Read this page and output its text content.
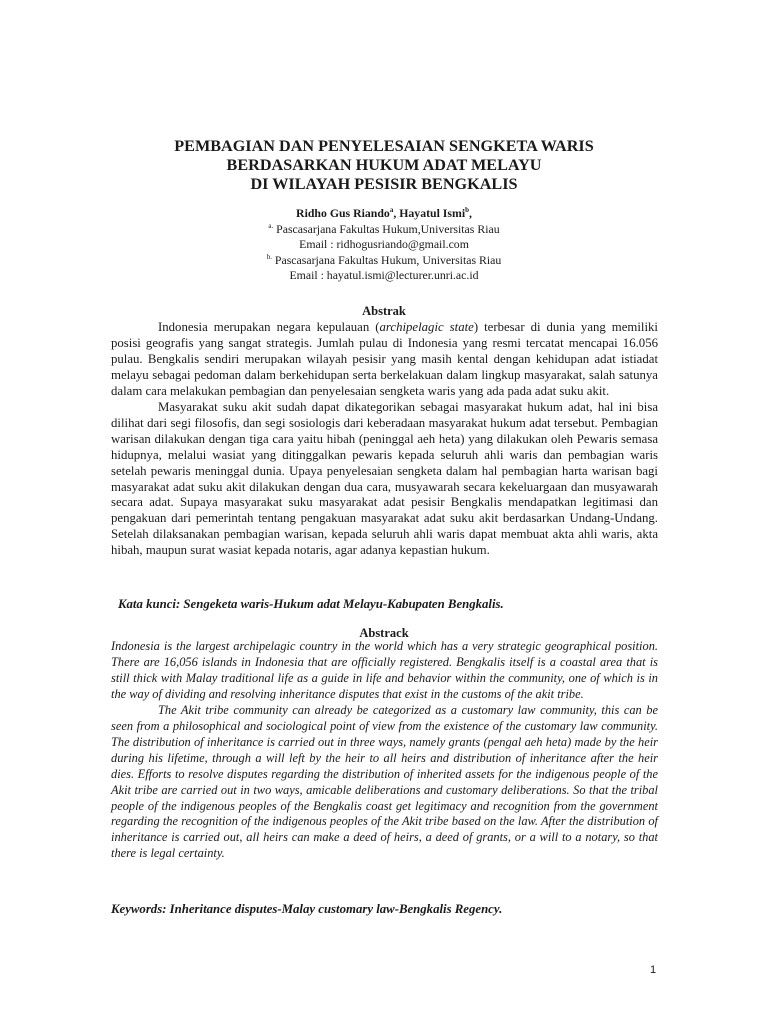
PEMBAGIAN DAN PENYELESAIAN SENGKETA WARIS
BERDASARKAN HUKUM ADAT MELAYU
DI WILAYAH PESISIR BENGKALIS
Ridho Gus Riando$^a$, Hayatul Ismi$^b$,
$^{a.}$ Pascasarjana Fakultas Hukum,Universitas Riau
Email : ridhogusriando@gmail.com
$^{b.}$ Pascasarjana Fakultas Hukum, Universitas Riau
Email : hayatul.ismi@lecturer.unri.ac.id
Abstrak

Indonesia merupakan negara kepulauan (archipelagic state) terbesar di dunia yang memiliki posisi geografis yang sangat strategis. Jumlah pulau di Indonesia yang resmi tercatat mencapai 16.056 pulau. Bengkalis sendiri merupakan wilayah pesisir yang masih kental dengan kehidupan adat istiadat melayu sebagai pedoman dalam berkehidupan serta berkelakuan dalam lingkup masyarakat, salah satunya dalam cara melakukan pembagian dan penyelesaian sengketa waris yang ada pada adat suku akit.

Masyarakat suku akit sudah dapat dikategorikan sebagai masyarakat hukum adat, hal ini bisa dilihat dari segi filosofis, dan segi sosiologis dari keberadaan masyarakat hukum adat tersebut. Pembagian warisan dilakukan dengan tiga cara yaitu hibah (peninggal aeh heta) yang dilakukan oleh Pewaris semasa hidupnya, melalui wasiat yang ditinggalkan pewaris kepada seluruh ahli waris dan pembagian waris setelah pewaris meninggal dunia. Upaya penyelesaian sengketa dalam hal pembagian harta warisan bagi masyarakat adat suku akit dilakukan dengan dua cara, musyawarah secara kekeluargaan dan musyawarah secara adat. Supaya masyarakat suku masyarakat adat pesisir Bengkalis mendapatkan legitimasi dan pengakuan dari pemerintah tentang pengakuan masyarakat adat suku akit berdasarkan Undang-Undang. Setelah dilaksanakan pembagian warisan, kepada seluruh ahli waris dapat membuat akta ahli waris, akta hibah, maupun surat wasiat kepada notaris, agar adanya kepastian hukum.

Kata kunci: Sengeketa waris-Hukum adat Melayu-Kabupaten Bengkalis.
Abstrack

Indonesia is the largest archipelagic country in the world which has a very strategic geographical position. There are 16,056 islands in Indonesia that are officially registered. Bengkalis itself is a coastal area that is still thick with Malay traditional life as a guide in life and behavior within the community, one of which is in the way of dividing and resolving inheritance disputes that exist in the customs of the akit tribe.

The Akit tribe community can already be categorized as a customary law community, this can be seen from a philosophical and sociological point of view from the existence of the customary law community. The distribution of inheritance is carried out in three ways, namely grants (pengal aeh heta) made by the heir during his lifetime, through a will left by the heir to all heirs and distribution of inheritance after the heir dies. Efforts to resolve disputes regarding the distribution of inherited assets for the indigenous people of the Akit tribe are carried out in two ways, amicable deliberations and customary deliberations. So that the tribal people of the indigenous peoples of the Bengkalis coast get legitimacy and recognition from the government regarding the recognition of the indigenous peoples of the Akit tribe based on the law. After the distribution of inheritance is carried out, all heirs can make a deed of heirs, a deed of grants, or a will to a notary, so that there is legal certainty.

Keywords: Inheritance disputes-Malay customary law-Bengkalis Regency.
1
